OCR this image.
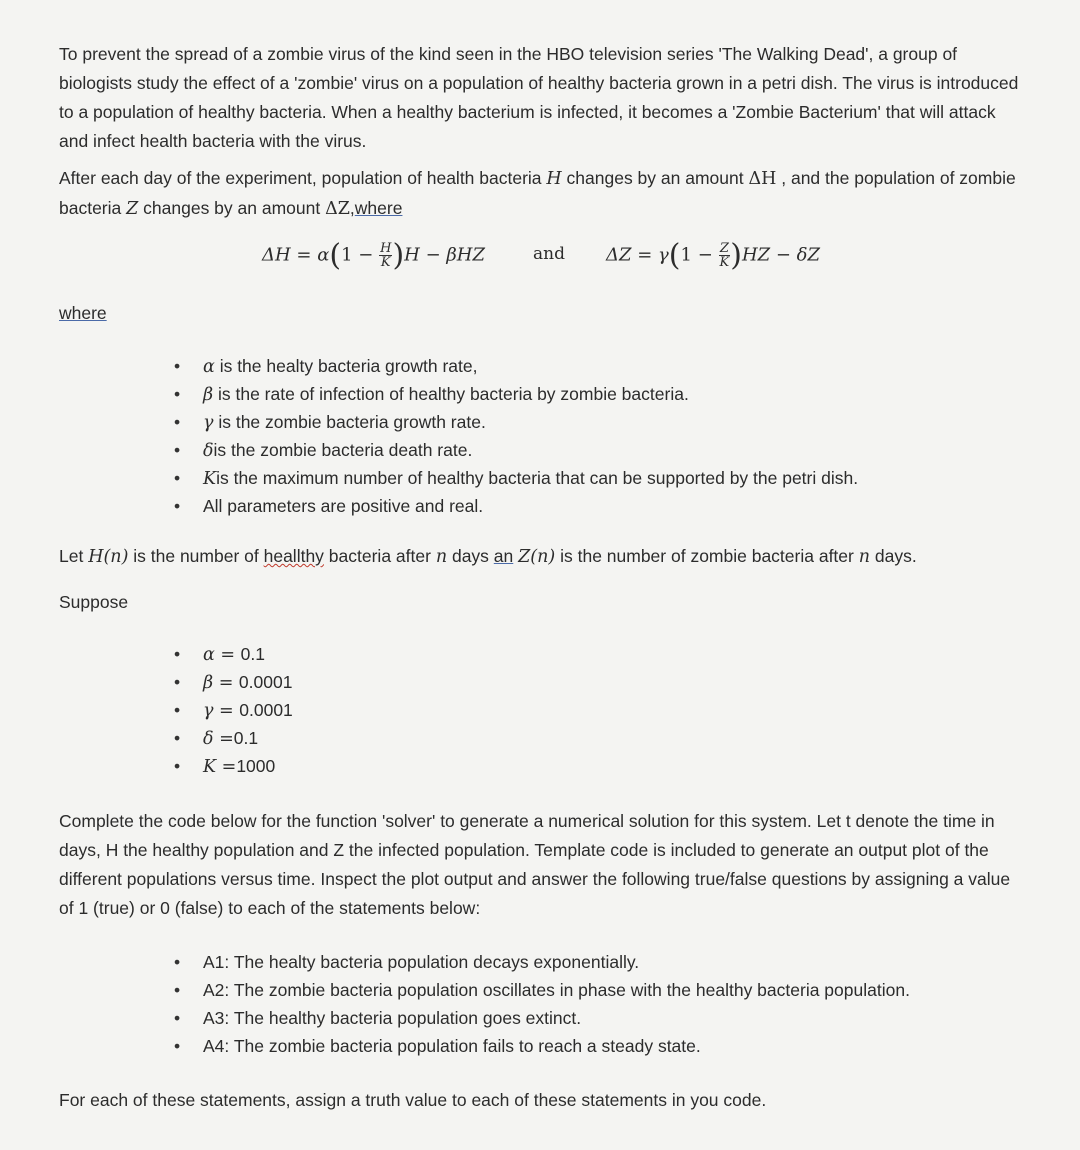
To prevent the spread of a zombie virus of the kind seen in the HBO television series 'The Walking Dead', a group of biologists study the effect of a 'zombie' virus on a population of healthy bacteria grown in a petri dish. The virus is introduced to a population of healthy bacteria. When a healthy bacterium is infected, it becomes a 'Zombie Bacterium' that will attack and infect health bacteria with the virus.

After each day of the experiment, population of health bacteria H changes by an amount ΔH , and the population of zombie bacteria Z changes by an amount ΔZ,where

$\Delta H = \alpha(1 - \frac{H}{K} )H - \beta HZ$	and $\Delta Z = \gamma(1 - \frac{Z}{K} )HZ - \delta Z$

where

• α is the healty bacteria growth rate,
• β is the rate of infection of healthy bacteria by zombie bacteria.
• γ is the zombie bacteria growth rate.
• δis the zombie bacteria death rate.
• Kis the maximum number of healthy bacteria that can be supported by the petri dish.
• All parameters are positive and real.

Let H(n) is the number of heallthy bacteria after n days an Z(n) is the number of zombie bacteria after n days.

Suppose

• α = 0.1
• β = 0.0001
• γ = 0.0001
• δ =0.1
• K =1000

Complete the code below for the function 'solver' to generate a numerical solution for this system. Let t denote the time in days, H the healthy population and Z the infected population. Template code is included to generate an output plot of the different populations versus time. Inspect the plot output and answer the following true/false questions by assigning a value of 1 (true) or 0 (false) to each of the statements below:

• A1: The healty bacteria population decays exponentially.
• A2: The zombie bacteria population oscillates in phase with the healthy bacteria population.
• A3: The healthy bacteria population goes extinct.
• A4: The zombie bacteria population fails to reach a steady state.

For each of these statements, assign a truth value to each of these statements in you code.
